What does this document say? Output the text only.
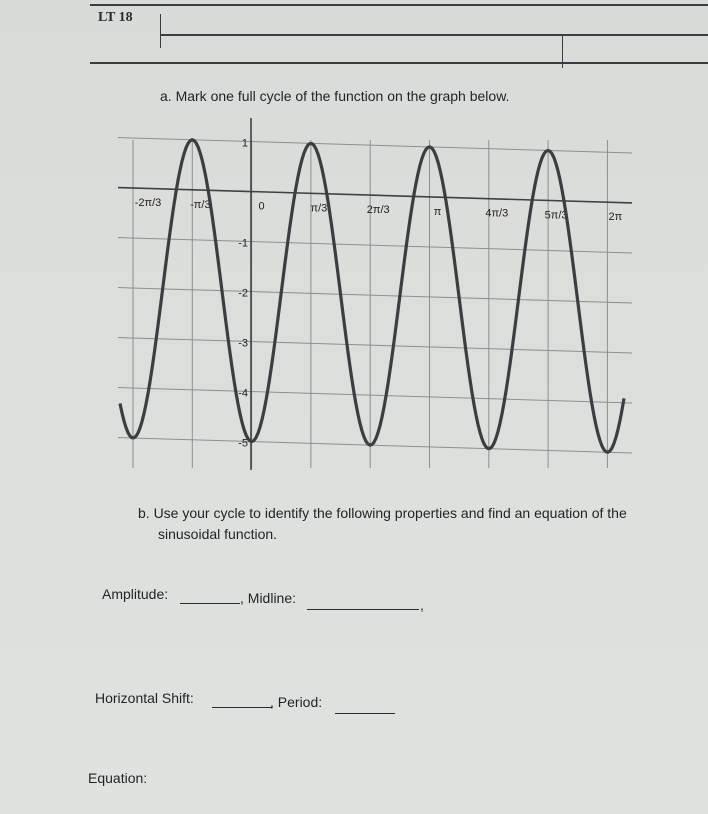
LT 18
a. Mark one full cycle of the function on the graph below.
-2π/3	-π/3	0	π/3	2π/3	π	4π/3	5π/3	2π
1
-1
-2
-3
-4
-5
b. Use your cycle to identify the following properties and find an equation of the
sinusoidal function.
Amplitude:	, Midline:	,
Horizontal Shift:	, Period:
Equation:
